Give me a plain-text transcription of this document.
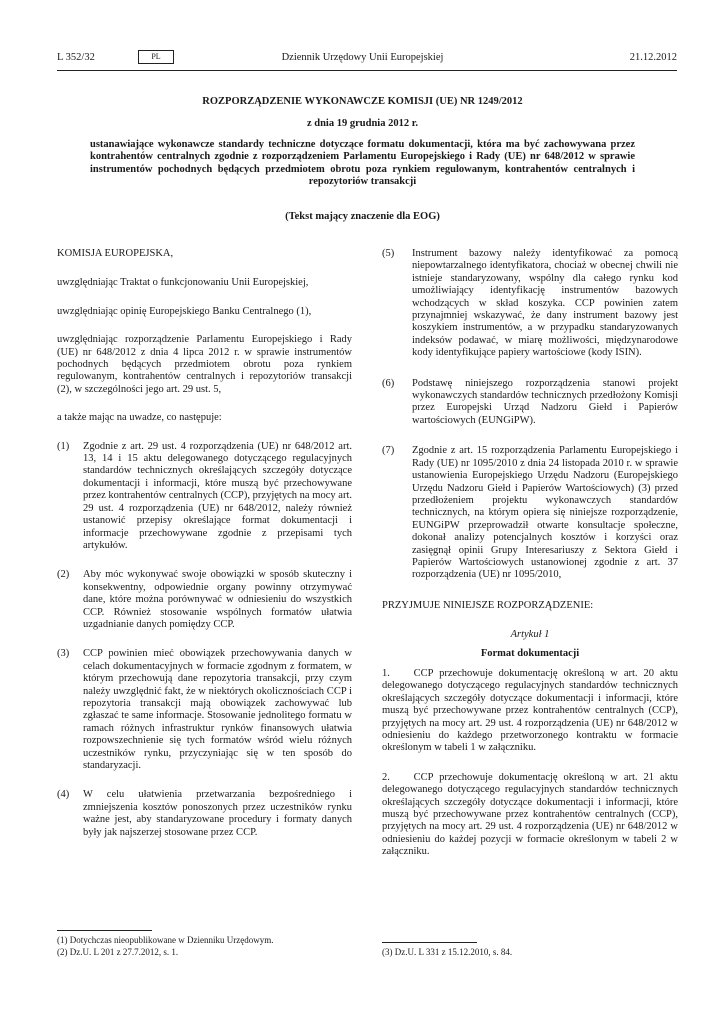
L 352/32	PL	Dziennik Urzędowy Unii Europejskiej	21.12.2012
ROZPORZĄDZENIE WYKONAWCZE KOMISJI (UE) NR 1249/2012
z dnia 19 grudnia 2012 r.
ustanawiające wykonawcze standardy techniczne dotyczące formatu dokumentacji, która ma być zachowywana przez kontrahentów centralnych zgodnie z rozporządzeniem Parlamentu Europejskiego i Rady (UE) nr 648/2012 w sprawie instrumentów pochodnych będących przedmiotem obrotu poza rynkiem regulowanym, kontrahentów centralnych i repozytoriów transakcji
(Tekst mający znaczenie dla EOG)

KOMISJA EUROPEJSKA,

uwzględniając Traktat o funkcjonowaniu Unii Europejskiej,

uwzględniając opinię Europejskiego Banku Centralnego (1),

uwzględniając rozporządzenie Parlamentu Europejskiego i Rady (UE) nr 648/2012 z dnia 4 lipca 2012 r. w sprawie instrumentów pochodnych będących przedmiotem obrotu poza rynkiem regulowanym, kontrahentów centralnych i repozytoriów transakcji (2), w szczególności jego art. 29 ust. 5,

a także mając na uwadze, co następuje:

(1)	Zgodnie z art. 29 ust. 4 rozporządzenia (UE) nr 648/2012 art. 13, 14 i 15 aktu delegowanego dotyczącego regulacyjnych standardów technicznych określających szczegóły dotyczące dokumentacji i informacji, które muszą być przechowywane przez kontrahentów centralnych (CCP), przyjętych na mocy art. 29 ust. 4 rozporządzenia (UE) nr 648/2012, należy również ustanowić przepisy określające format dokumentacji i informacje przechowywane zgodnie z przepisami tych artykułów.
(2)	Aby móc wykonywać swoje obowiązki w sposób skuteczny i konsekwentny, odpowiednie organy powinny otrzymywać dane, które można porównywać w odniesieniu do wszystkich CCP. Również stosowanie wspólnych formatów ułatwia uzgadnianie danych pomiędzy CCP.
(3)	CCP powinien mieć obowiązek przechowywania danych w celach dokumentacyjnych w formacie zgodnym z formatem, w którym przechowują dane repozytoria transakcji, przy czym należy uwzględnić fakt, że w niektórych okolicznościach CCP i repozytoria transakcji mają obowiązek zachowywać lub zgłaszać te same informacje. Stosowanie jednolitego formatu w ramach różnych infrastruktur rynków finansowych ułatwia rozpowszechnienie się tych formatów wśród wielu różnych uczestników rynku, przyczyniając się w ten sposób do standaryzacji.
(4)	W celu ułatwienia przetwarzania bezpośredniego i zmniejszenia kosztów ponoszonych przez uczestników rynku ważne jest, aby standaryzowane procedury i formaty danych były jak najszerzej stosowane przez CCP.
(1) Dotychczas nieopublikowane w Dzienniku Urzędowym.
(2) Dz.U. L 201 z 27.7.2012, s. 1.
(5)	Instrument bazowy należy identyfikować za pomocą niepowtarzalnego identyfikatora, chociaż w obecnej chwili nie istnieje standaryzowany, wspólny dla całego rynku kod umożliwiający identyfikację instrumentów bazowych wchodzących w skład koszyka. CCP powinien zatem przynajmniej wskazywać, że dany instrument bazowy jest koszykiem instrumentów, a w przypadku standaryzowanych indeksów podawać, w miarę możliwości, międzynarodowe kody identyfikujące papiery wartościowe (kody ISIN).
(6)	Podstawę niniejszego rozporządzenia stanowi projekt wykonawczych standardów technicznych przedłożony Komisji przez Europejski Urząd Nadzoru Giełd i Papierów wartościowych (EUNGiPW).
(7)	Zgodnie z art. 15 rozporządzenia Parlamentu Europejskiego i Rady (UE) nr 1095/2010 z dnia 24 listopada 2010 r. w sprawie ustanowienia Europejskiego Urzędu Nadzoru (Europejskiego Urzędu Nadzoru Giełd i Papierów Wartościowych) (3) przed przedłożeniem projektu wykonawczych standardów technicznych, na którym opiera się niniejsze rozporządzenie, EUNGiPW przeprowadził otwarte konsultacje społeczne, dokonał analizy potencjalnych kosztów i korzyści oraz zasięgnął opinii Grupy Interesariuszy z Sektora Giełd i Papierów Wartościowych ustanowionej zgodnie z art. 37 rozporządzenia (UE) nr 1095/2010,

PRZYJMUJE NINIEJSZE ROZPORZĄDZENIE:

Artykuł 1

Format dokumentacji

1.    CCP przechowuje dokumentację określoną w art. 20 aktu delegowanego dotyczącego regulacyjnych standardów technicznych określających szczegóły dotyczące dokumentacji i informacji, które muszą być przechowywane przez kontrahentów centralnych (CCP), przyjętych na mocy art. 29 ust. 4 rozporządzenia (UE) nr 648/2012 w odniesieniu do każdego przetworzonego kontraktu w formacie określonym w tabeli 1 w załączniku.

2.    CCP przechowuje dokumentację określoną w art. 21 aktu delegowanego dotyczącego regulacyjnych standardów technicznych określających szczegóły dotyczące dokumentacji i informacji, które muszą być przechowywane przez kontrahentów centralnych (CCP), przyjętych na mocy art. 29 ust. 4 rozporządzenia (UE) nr 648/2012 w odniesieniu do każdej pozycji w formacie określonym w tabeli 2 w załączniku.

(3) Dz.U. L 331 z 15.12.2010, s. 84.
